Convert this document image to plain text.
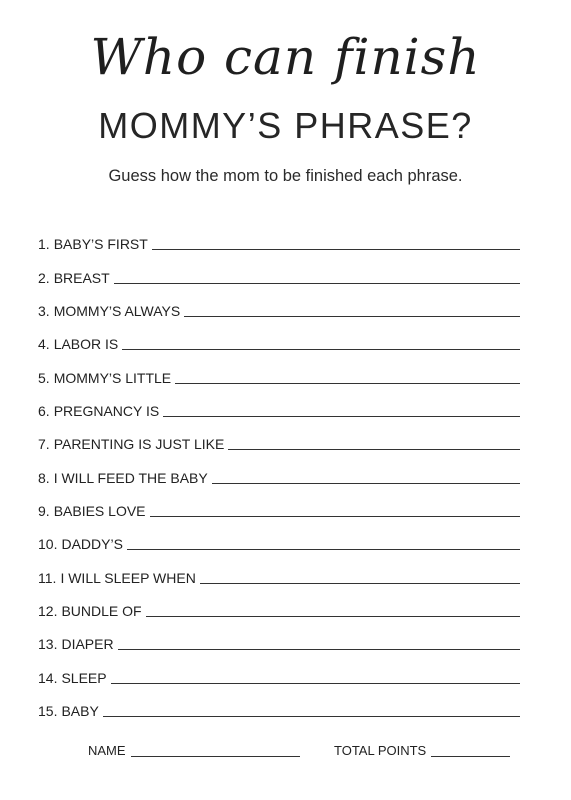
Who can finish
MOMMY’S PHRASE?
Guess how the mom to be finished each phrase.
1. BABY’S FIRST
2. BREAST
3. MOMMY’S ALWAYS
4. LABOR IS
5. MOMMY’S LITTLE
6. PREGNANCY IS
7. PARENTING IS JUST LIKE
8. I WILL FEED THE BABY
9. BABIES LOVE
10. DADDY’S
11. I WILL SLEEP WHEN
12. BUNDLE OF
13. DIAPER
14. SLEEP
15. BABY
NAME	TOTAL POINTS
